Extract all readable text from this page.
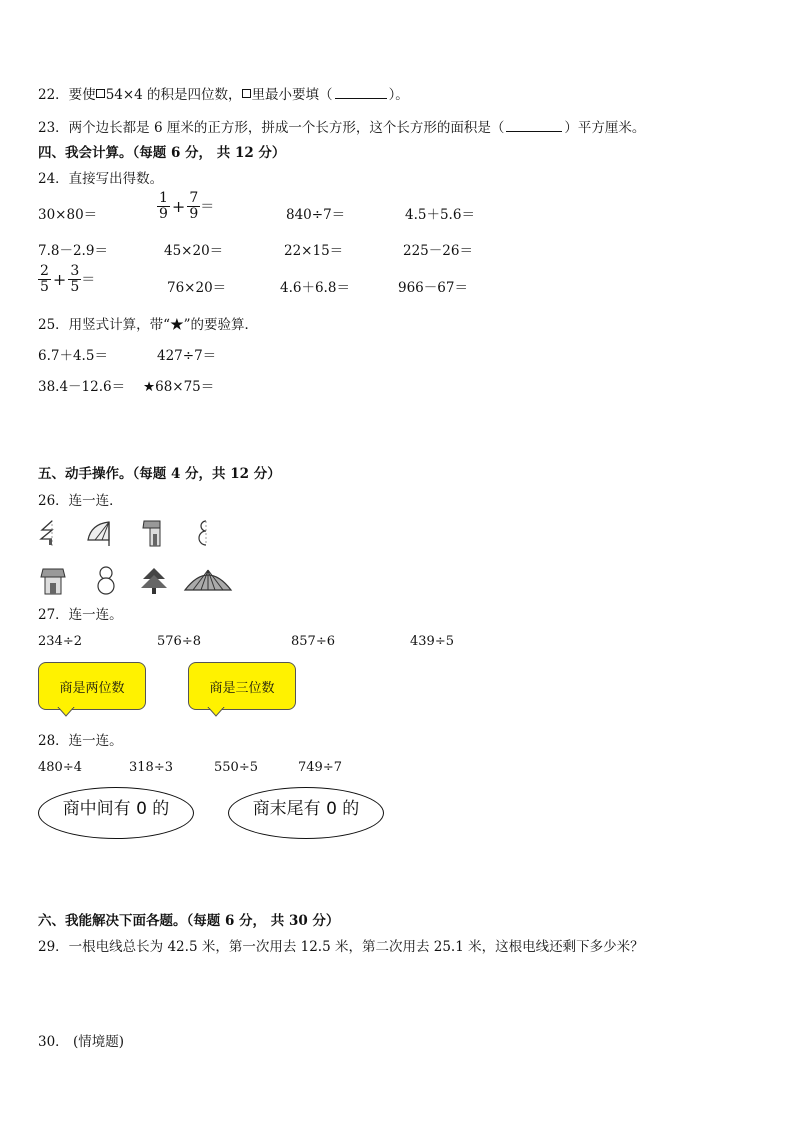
22．要使 54×4 的积是四位数， 里最小要填（	）。
23．两个边长都是 6 厘米的正方形，拼成一个长方形，这个长方形的面积是（	）平方厘米。
四、我会计算。（每题 6 分， 共 12 分）
24．直接写出得数。
30×80＝	$\frac{1}{9} + \frac{7}{9}$ ＝	840÷7＝	4.5＋5.6＝
7.8－2.9＝	45×20＝	22×15＝	225－26＝
$\frac{2}{5} + \frac{3}{5}$ ＝	76×20＝	4.6＋6.8＝	966－67＝
25．用竖式计算，带“★”的要验算．
6.7＋4.5＝	427÷7＝
38.4－12.6＝ ★68×75＝
五、动手操作。（每题 4 分，共 12 分）
26．连一连．
27．连一连。
234÷2	576÷8	857÷6	439÷5
商是两位数	商是三位数
28．连一连。
480÷4	318÷3	550÷5	749÷7
商中间有 0 的	商末尾有 0 的
六、我能解决下面各题。（每题 6 分， 共 30 分）
29．一根电线总长为 42.5 米，第一次用去 12.5 米，第二次用去 25.1 米，这根电线还剩下多少米？
30． (情境题)
